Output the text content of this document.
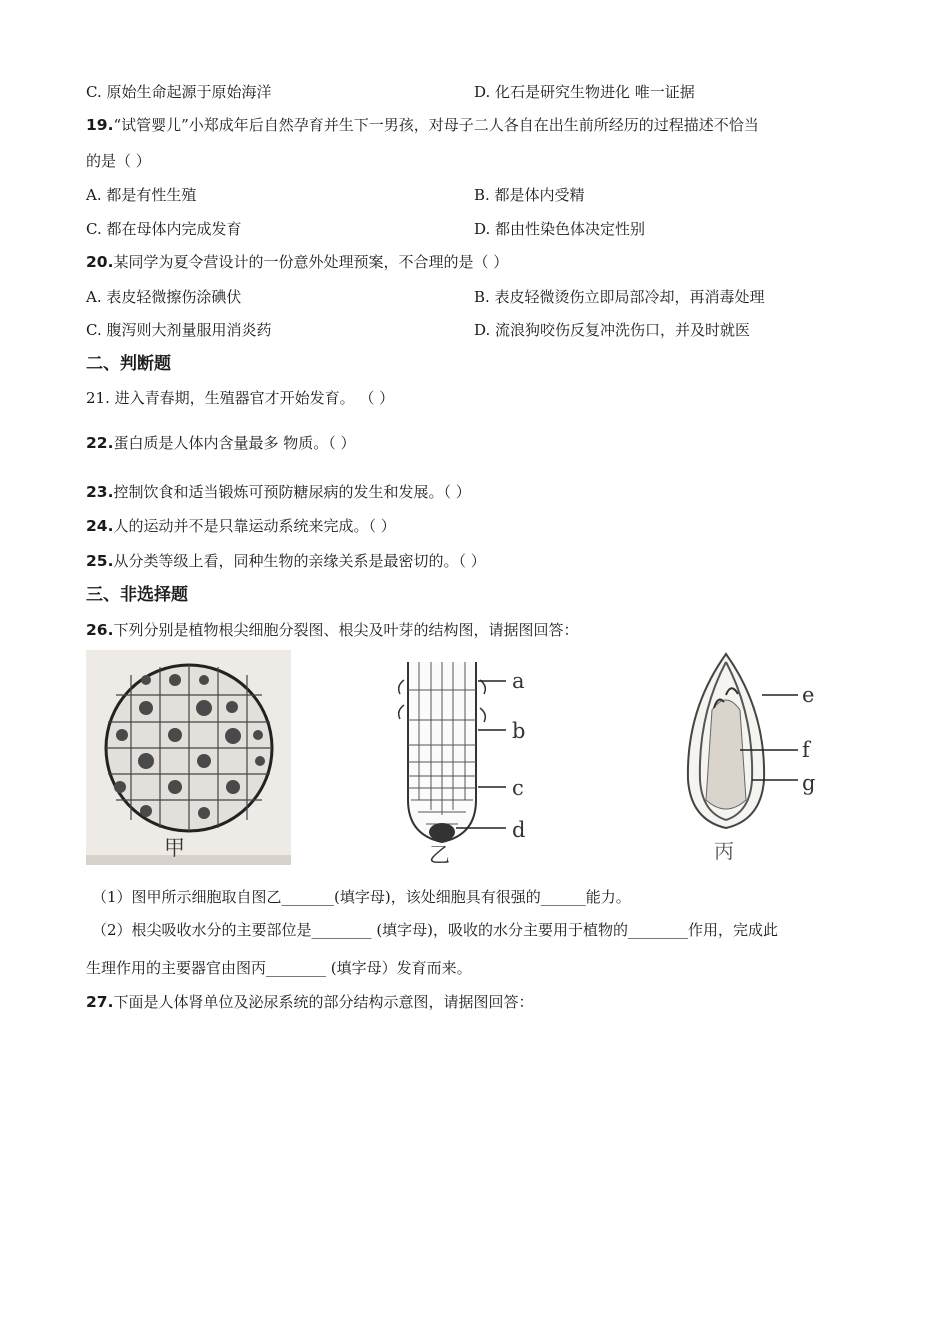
C. 原始生命起源于原始海洋	D. 化石是研究生物进化 唯一证据
19.“试管婴儿”小郑成年后自然孕育并生下一男孩，对母子二人各自在出生前所经历的过程描述不恰当
的是（ ）
A. 都是有性生殖	B. 都是体内受精
C. 都在母体内完成发育	D. 都由性染色体决定性别
20.某同学为夏令营设计的一份意外处理预案，不合理的是（ ）
A. 表皮轻微擦伤涂碘伏	B. 表皮轻微烫伤立即局部冷却，再消毒处理
C. 腹泻则大剂量服用消炎药	D. 流浪狗咬伤反复冲洗伤口，并及时就医
二、判断题
21. 进入青春期，生殖器官才开始发育。 （ ）
22.蛋白质是人体内含量最多 物质。（ ）
23.控制饮食和适当锻炼可预防糖尿病的发生和发展。（ ）
24.人的运动并不是只靠运动系统来完成。（ ）
25.从分类等级上看，同种生物的亲缘关系是最密切的。（ ）
三、非选择题
26.下列分别是植物根尖细胞分裂图、根尖及叶芽的结构图，请据图回答：
甲
a
b
c
d
乙
e
f
g
丙
（1）图甲所示细胞取自图乙_______(填字母)，该处细胞具有很强的______能力。
（2）根尖吸收水分的主要部位是________ (填字母)，吸收的水分主要用于植物的________作用，完成此
生理作用的主要器官由图丙________ (填字母）发育而来。
27.下面是人体肾单位及泌尿系统的部分结构示意图，请据图回答：
